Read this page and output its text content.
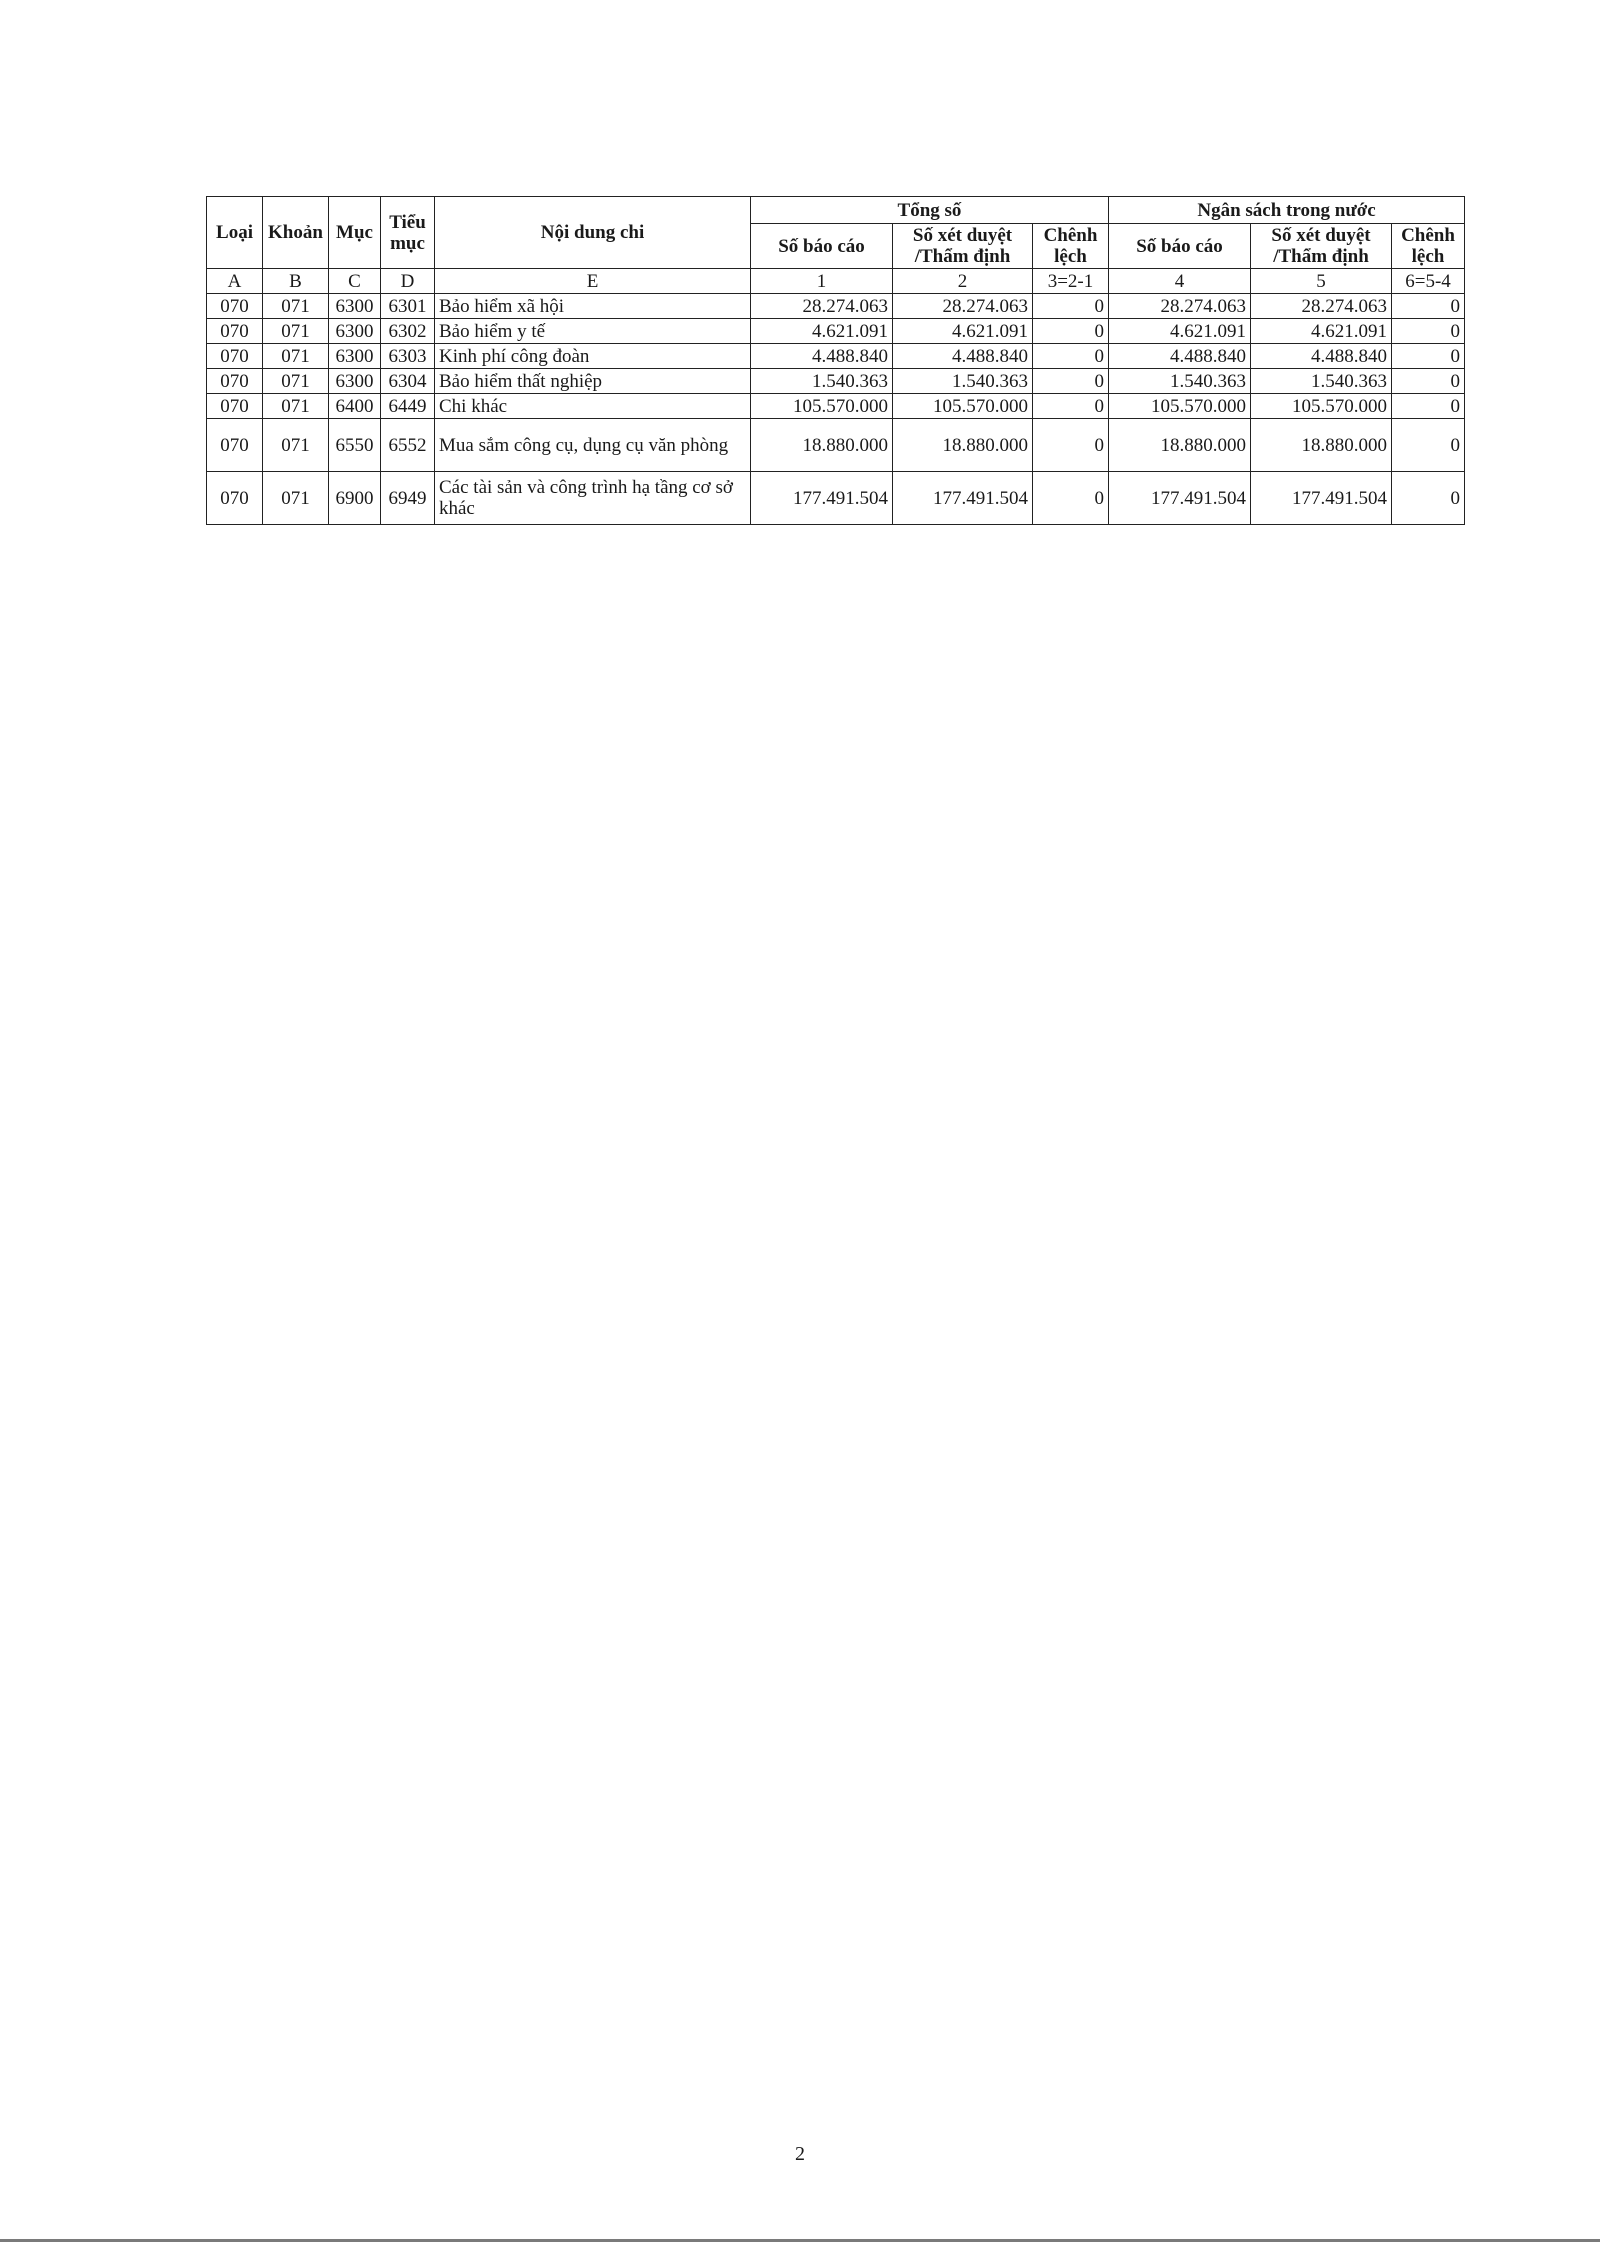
Loại	Khoản	Mục	Tiểu mục	Nội dung chi	Tổng số			Ngân sách trong nước		
					Số báo cáo	Số xét duyệt /Thẩm định	Chênh lệch	Số báo cáo	Số xét duyệt /Thẩm định	Chênh lệch
A	B	C	D	E	1	2	3=2-1	4	5	6=5-4
070	071	6300	6301	Bảo hiểm xã hội	28.274.063	28.274.063	0	28.274.063	28.274.063	0
070	071	6300	6302	Bảo hiểm y tế	4.621.091	4.621.091	0	4.621.091	4.621.091	0
070	071	6300	6303	Kinh phí công đoàn	4.488.840	4.488.840	0	4.488.840	4.488.840	0
070	071	6300	6304	Bảo hiểm thất nghiệp	1.540.363	1.540.363	0	1.540.363	1.540.363	0
070	071	6400	6449	Chi khác	105.570.000	105.570.000	0	105.570.000	105.570.000	0
070	071	6550	6552	Mua sắm công cụ, dụng cụ văn phòng	18.880.000	18.880.000	0	18.880.000	18.880.000	0
070	071	6900	6949	Các tài sản và công trình hạ tầng cơ sở khác	177.491.504	177.491.504	0	177.491.504	177.491.504	0
2
